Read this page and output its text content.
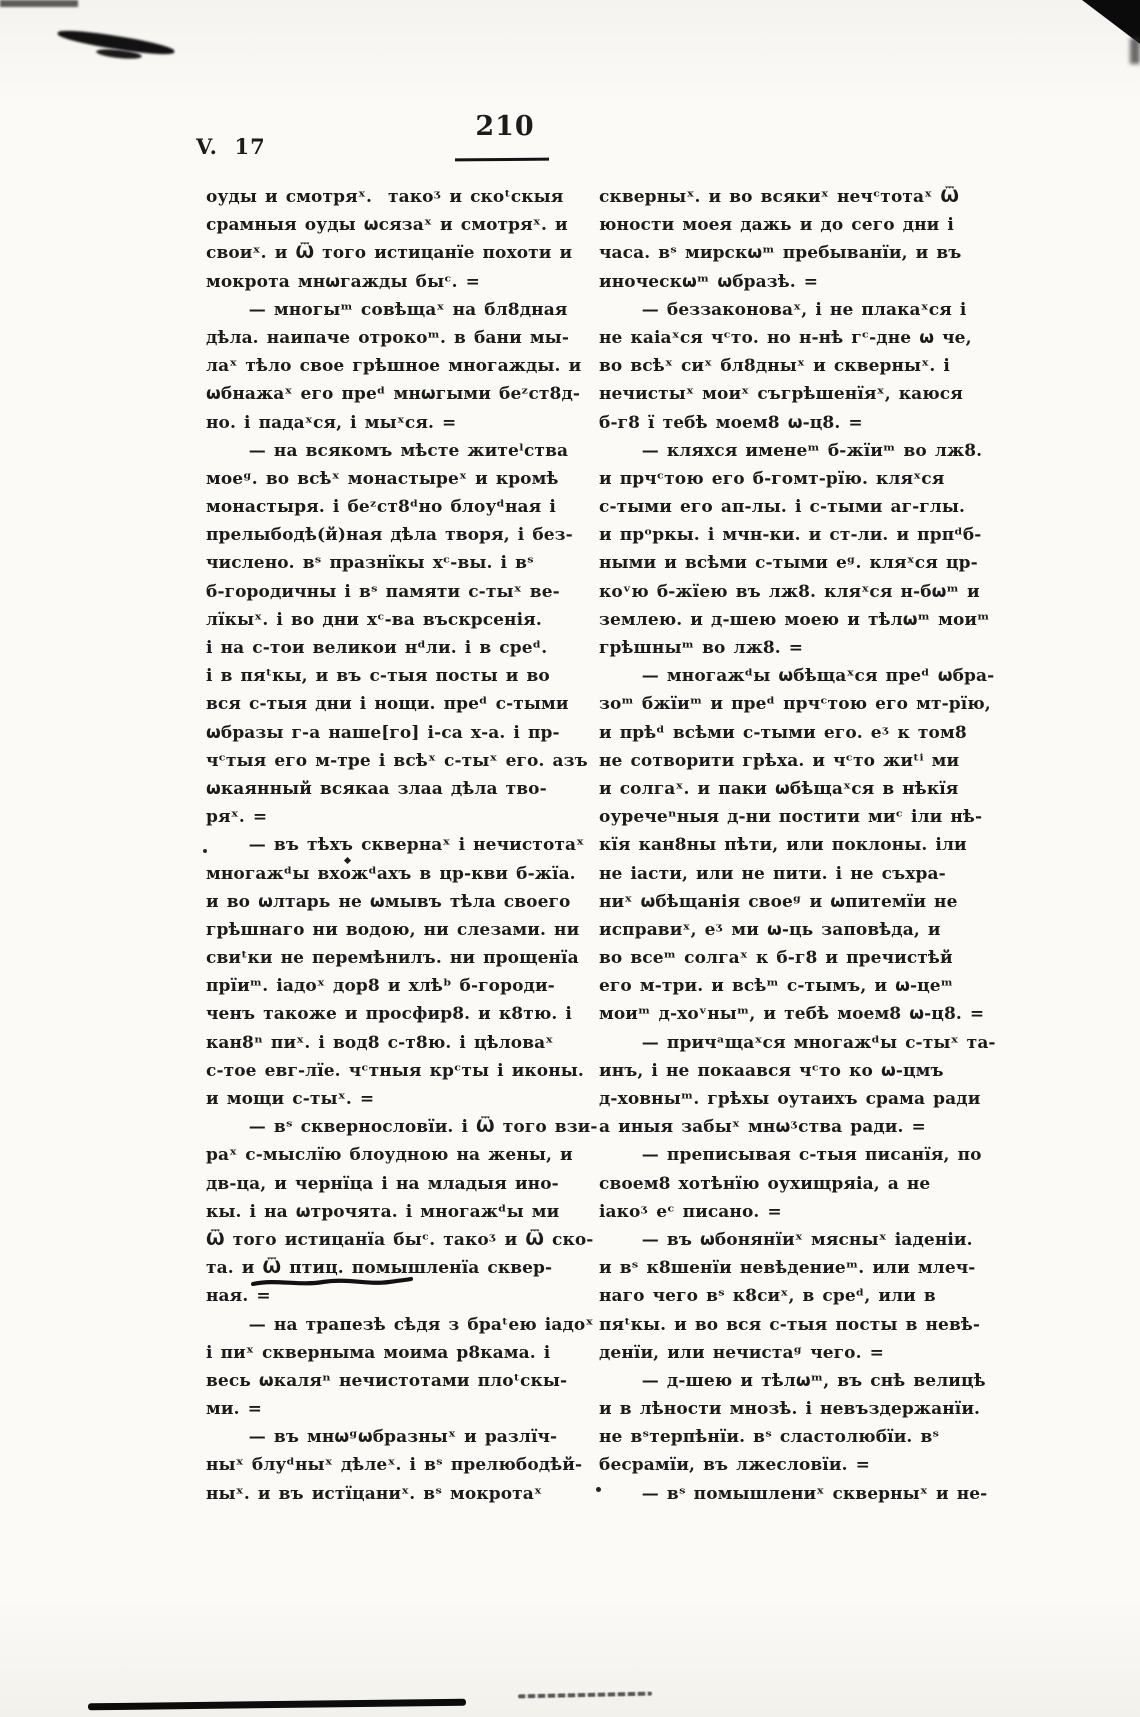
V.  17
210
оуды и смотряˣ.  такоᶾ и скоᵗскыя
срамныя оуды ѡсязаˣ и смотряˣ. и
своиˣ. и Ѿ того истицанїе похоти и
мокрота мнѡгажды быᶜ. =
   — многыᵐ совѣщаˣ на бл8дная
дѣла. наипаче отрокоᵐ. в бани мы-
лаˣ тѣло свое грѣшное многажды. и
ѡбнажаˣ его преᵈ мнѡгыми беᶻст8д-
но. і падаˣся, і мыˣся. =
   — на всякомъ мѣсте житеˡства
моеᵍ. во всѣˣ монастыреˣ и кромѣ
монастыря. і беᶻст8ᵈно блоуᵈная і
прелыбодѣ(й)ная дѣла творя, і без-
числено. вˢ празнїкы хᶜ-вы. і вˢ
б-городичны і вˢ памяти с-тыˣ ве-
лїкыˣ. і во дни хᶜ-ва въскрсенія.
і на с-тои великои нᵈли. і в среᵈ.
і в пяᵗкы, и въ с-тыя посты и во
вся с-тыя дни і нощи. преᵈ с-тыми
ѡбразы г-а наше[го] і-са х-а. і пр-
чᶜтыя его м-тре і всѣˣ с-тыˣ его. азъ
ѡкаянный всякаа злаа дѣла тво-
ряˣ. =
   — въ тѣхъ сквернаˣ і нечистотаˣ
многажᵈы вхожᵈахъ в цр-кви б-жїа.
и во ѡлтарь не ѡмывъ тѣла своего
грѣшнаго ни водою, ни слезами. ни
свиᵗки не перемѣнилъ. ни прощенїа
прїиᵐ. іадоˣ дор8 и хлѣᵇ б-городи-
ченъ такоже и просфир8. и к8тю. і
кан8ⁿ пиˣ. і вод8 с-т8ю. і цѣловаˣ
с-тое евг-лїе. чᶜтныя крᶜты і иконы.
и мощи с-тыˣ. =
   — вˢ сквернословїи. і Ѿ того взи-
раˣ с-мыслїю блоудною на жены, и
дв-ца, и чернїца і на младыя ино-
кы. і на ѡтрочята. і многажᵈы ми
Ѿ того истицанїа быᶜ. такоᶾ и Ѿ ско-
та. и Ѿ птиц. помышленїа сквер-
ная. =
   — на трапезѣ сѣдя з браᵗею іадоˣ
і пиˣ сквернымa моима р8кама. і
весь ѡкаляⁿ нечистотами плоᵗскы-
ми. =
   — въ мнѡᵍѡбразныˣ и разлїч-
ныˣ блуᵈныˣ дѣлеˣ. і вˢ прелюбодѣй-
ныˣ. и въ истїцаниˣ. вˢ мокротаˣ
скверныˣ. и во всякиˣ нечᶜтотаˣ Ѿ
юности моея дажь и до сего дни і
часа. вˢ мирскѡᵐ пребыванїи, и въ
иноческѡᵐ ѡбразѣ. =
   — беззаконоваˣ, і не плакаˣся і
не каіаˣся чᶜто. но н-нѣ гᶜ-дне ѡ че,
во всѣˣ сиˣ бл8дныˣ и скверныˣ. і
нечистыˣ моиˣ съгрѣшенїяˣ, каюся
б-г8 ї тебѣ моем8 ѡ-ц8. =
   — кляхся именеᵐ б-жїиᵐ во лж8.
и прчᶜтою его б-гомт-рїю. кляˣся
с-тыми его ап-лы. і с-тыми аг-глы.
и прᵒркы. і мчн-ки. и ст-ли. и прпᵈб-
ными и всѣми с-тыми еᵍ. кляˣся цр-
коᵛю б-жїею въ лж8. кляˣся н-бѡᵐ и
землею. и д-шею моею и тѣлѡᵐ моиᵐ
грѣшныᵐ во лж8. =
   — многажᵈы ѡбѣщаˣся преᵈ ѡбра-
зоᵐ бжїиᵐ и преᵈ прчᶜтою его мт-рїю,
и прѣᵈ всѣми с-тыми его. еᶾ к том8
не сотворити грѣха. и чᶜто жиᵗⁱ ми
и солгаˣ. и паки ѡбѣщаˣся в нѣкїя
оуречеⁿныя д-ни постити миᶜ іли нѣ-
кїя кан8ны пѣти, или поклоны. іли
не іасти, или не пити. і не съхра-
ниˣ ѡбѣщанія своеᵍ и ѡпитемїи не
исправиˣ, еᶾ ми ѡ-ць заповѣда, и
во всеᵐ солгаˣ к б-г8 и пречистѣй
его м-три. и всѣᵐ с-тымъ, и ѡ-цеᵐ
моиᵐ д-хоᵛныᵐ, и тебѣ моем8 ѡ-ц8. =
   — причᵃщаˣся многажᵈы с-тыˣ та-
инъ, і не покаався чᶜто ко ѡ-цмъ
д-ховныᵐ. грѣхы оутаихъ срама ради
а иныя забыˣ мнѡᶾства ради. =
   — преписывая с-тыя писанїя, по
своем8 хотѣнїю оухищряіа, а не
іакоᶾ еᶜ писано. =
   — въ ѡбонянїиˣ мясныˣ іаденіи.
и вˢ к8шенїи невѣдениеᵐ. или млеч-
наго чего вˢ к8сиˣ, в среᵈ, или в
пяᵗкы. и во вся с-тыя посты в невѣ-
денїи, или нечистаᵍ чего. =
   — д-шею и тѣлѡᵐ, въ снѣ велицѣ
и в лѣности мнозѣ. і невъздержанїи.
не вˢтерпѣнїи. вˢ сластолюбїи. вˢ
бесрамїи, въ лжесловїи. =
   — вˢ помышлениˣ скверныˣ и не-
